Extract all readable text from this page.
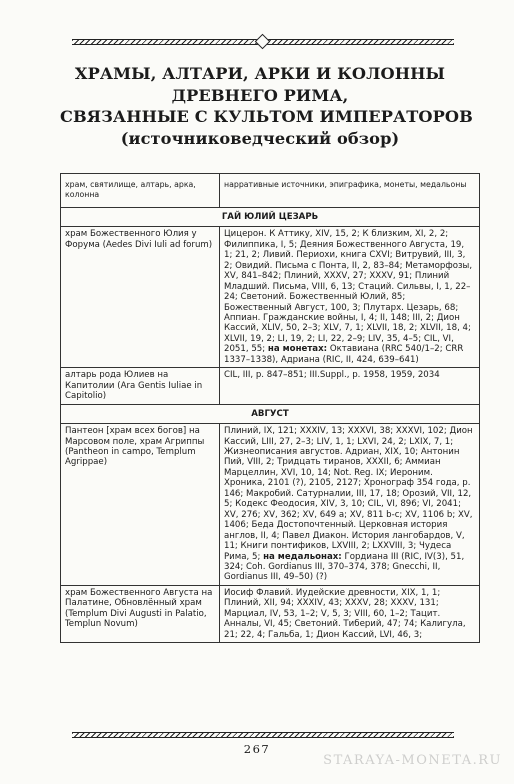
ХРАМЫ, АЛТАРИ, АРКИ И КОЛОННЫ
ДРЕВНЕГО РИМА,
СВЯЗАННЫЕ С КУЛЬТОМ ИМПЕРАТОРОВ
(источниковедческий обзор)
храм, святилище, алтарь, арка, колонна	нарративные источники, эпиграфика, монеты, медальоны
ГАЙ ЮЛИЙ ЦЕЗАРЬ	
храм Божественного Юлия у Форума (Aedes Divi Iuli ad forum)	Цицерон. К Аттику, XIV, 15, 2; К близким, XI, 2, 2; Филиппика, I, 5; Деяния Божественного Августа, 19, 1; 21, 2; Ливий. Периохи, книга CXVI; Витрувий, III, 3, 2; Овидий. Письма с Понта, II, 2, 83–84; Метаморфозы, XV, 841–842; Плиний, XXXV, 27; XXXV, 91; Плиний Младший. Письма, VIII, 6, 13; Стаций. Сильвы, I, 1, 22–24; Светоний. Божественный Юлий, 85; Божественный Август, 100, 3; Плутарх. Цезарь, 68; Аппиан. Гражданские войны, I, 4; II, 148; III, 2; Дион Кассий, XLIV, 50, 2–3; XLV, 7, 1; XLVII, 18, 2; XLVII, 18, 4; XLVII, 19, 2; LI, 19, 2; LI, 22, 2–9; LIV, 35, 4–5; CIL, VI, 2051, 55; на монетах: Октавиана (RRC 540/1–2; CRR 1337–1338), Адриана (RIC, II, 424, 639–641)
алтарь рода Юлиев на Капитолии (Ara Gentis Iuliae in Capitolio)	CIL, III, p. 847–851; III.Suppl., p. 1958, 1959, 2034
АВГУСТ	
Пантеон [храм всех богов] на Марсовом поле, храм Агриппы (Pantheon in campo, Templum Agrippae)	Плиний, IX, 121; XXXIV, 13; XXXVI, 38; XXXVI, 102; Дион Кассий, LIII, 27, 2–3; LIV, 1, 1; LXVI, 24, 2; LXIX, 7, 1; Жизнеописания августов. Адриан, XIX, 10; Антонин Пий, VIII, 2; Тридцать тиранов, XXXII, 6; Аммиан Марцеллин, XVI, 10, 14; Not. Reg. IX; Иероним. Хроника, 2101 (?), 2105, 2127; Хронограф 354 года, p. 146; Макробий. Сатурналии, III, 17, 18; Орозий, VII, 12, 5; Кодекс Феодосия, XIV, 3, 10; CIL, VI, 896; VI, 2041; XV, 276; XV, 362; XV, 649 a; XV, 811 b-c; XV, 1106 b; XV, 1406; Беда Достопочтенный. Церковная история англов, II, 4; Павел Диакон. История лангобардов, V, 11; Книги понтификов, LXVIII, 2; LXXVIII, 3; Чудеса Рима, 5; на медальонах: Гордиана III (RIC, IV(3), 51, 324; Coh. Gordianus III, 370–374, 378; Gnecchi, II, Gordianus III, 49–50) (?)
храм Божественного Августа на Палатине, Обновлённый храм (Templum Divi Augusti in Palatio, Templun Novum)	Иосиф Флавий. Иудейские древности, XIX, 1, 1; Плиний, XII, 94; XXXIV, 43; XXXV, 28; XXXV, 131; Марциал, IV, 53, 1–2; V, 5, 3; VIII, 60, 1–2; Тацит. Анналы, VI, 45; Светоний. Тиберий, 47; 74; Калигула, 21; 22, 4; Гальба, 1; Дион Кассий, LVI, 46, 3;
267
STARAYA-MONETA.RU
